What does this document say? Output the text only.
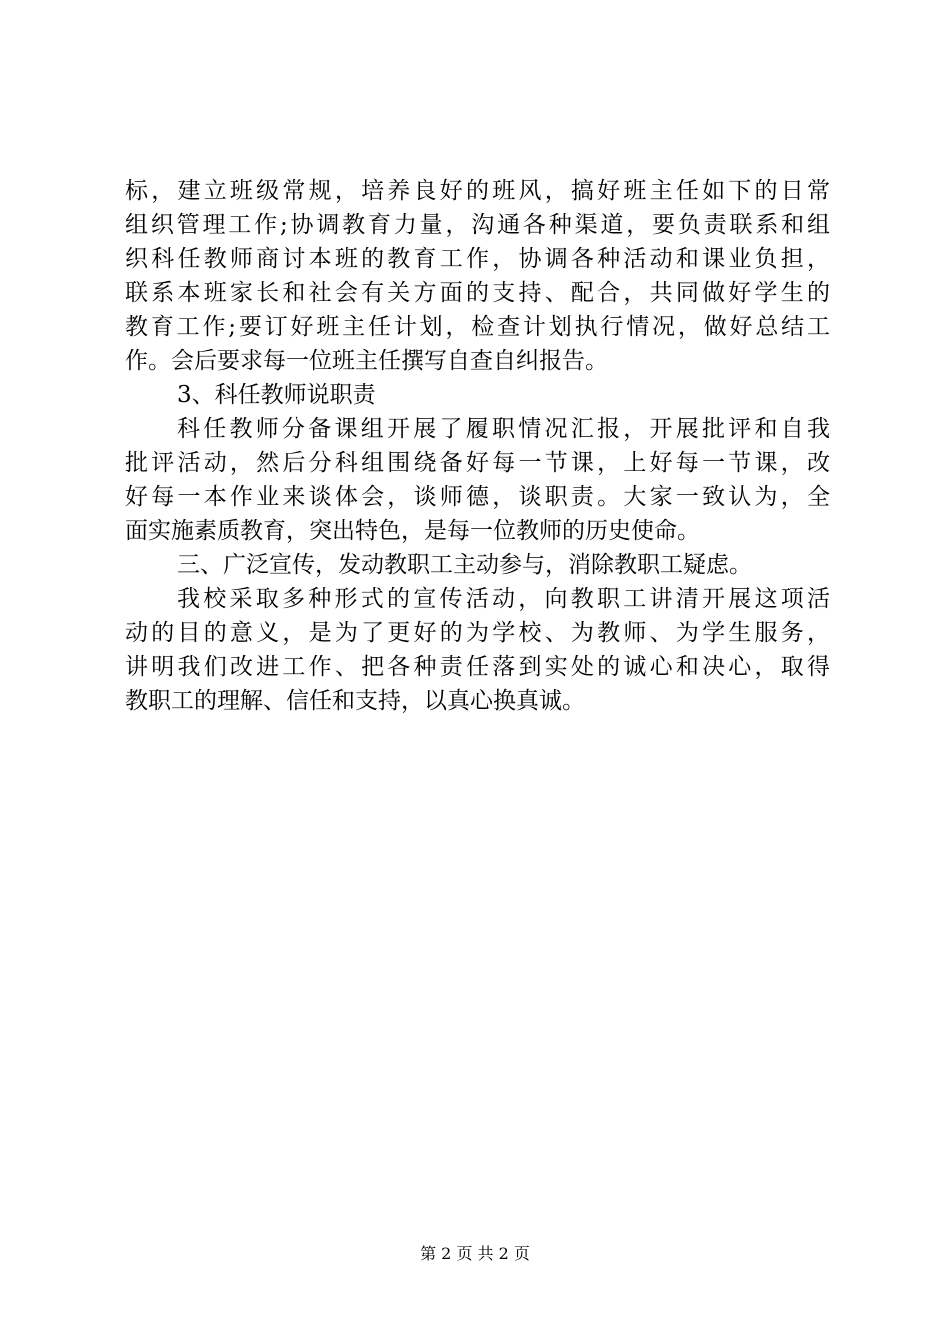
标，建立班级常规，培养良好的班风，搞好班主任如下的日常
组织管理工作;协调教育力量，沟通各种渠道，要负责联系和组
织科任教师商讨本班的教育工作，协调各种活动和课业负担，
联系本班家长和社会有关方面的支持、配合，共同做好学生的
教育工作;要订好班主任计划，检查计划执行情况，做好总结工
作。会后要求每一位班主任撰写自查自纠报告。
3、科任教师说职责
科任教师分备课组开展了履职情况汇报，开展批评和自我
批评活动，然后分科组围绕备好每一节课，上好每一节课，改
好每一本作业来谈体会，谈师德，谈职责。大家一致认为，全
面实施素质教育，突出特色，是每一位教师的历史使命。
三、广泛宣传，发动教职工主动参与，消除教职工疑虑。
我校采取多种形式的宣传活动，向教职工讲清开展这项活
动的目的意义，是为了更好的为学校、为教师、为学生服务，
讲明我们改进工作、把各种责任落到实处的诚心和决心，取得
教职工的理解、信任和支持，以真心换真诚。
第 2 页 共 2 页
